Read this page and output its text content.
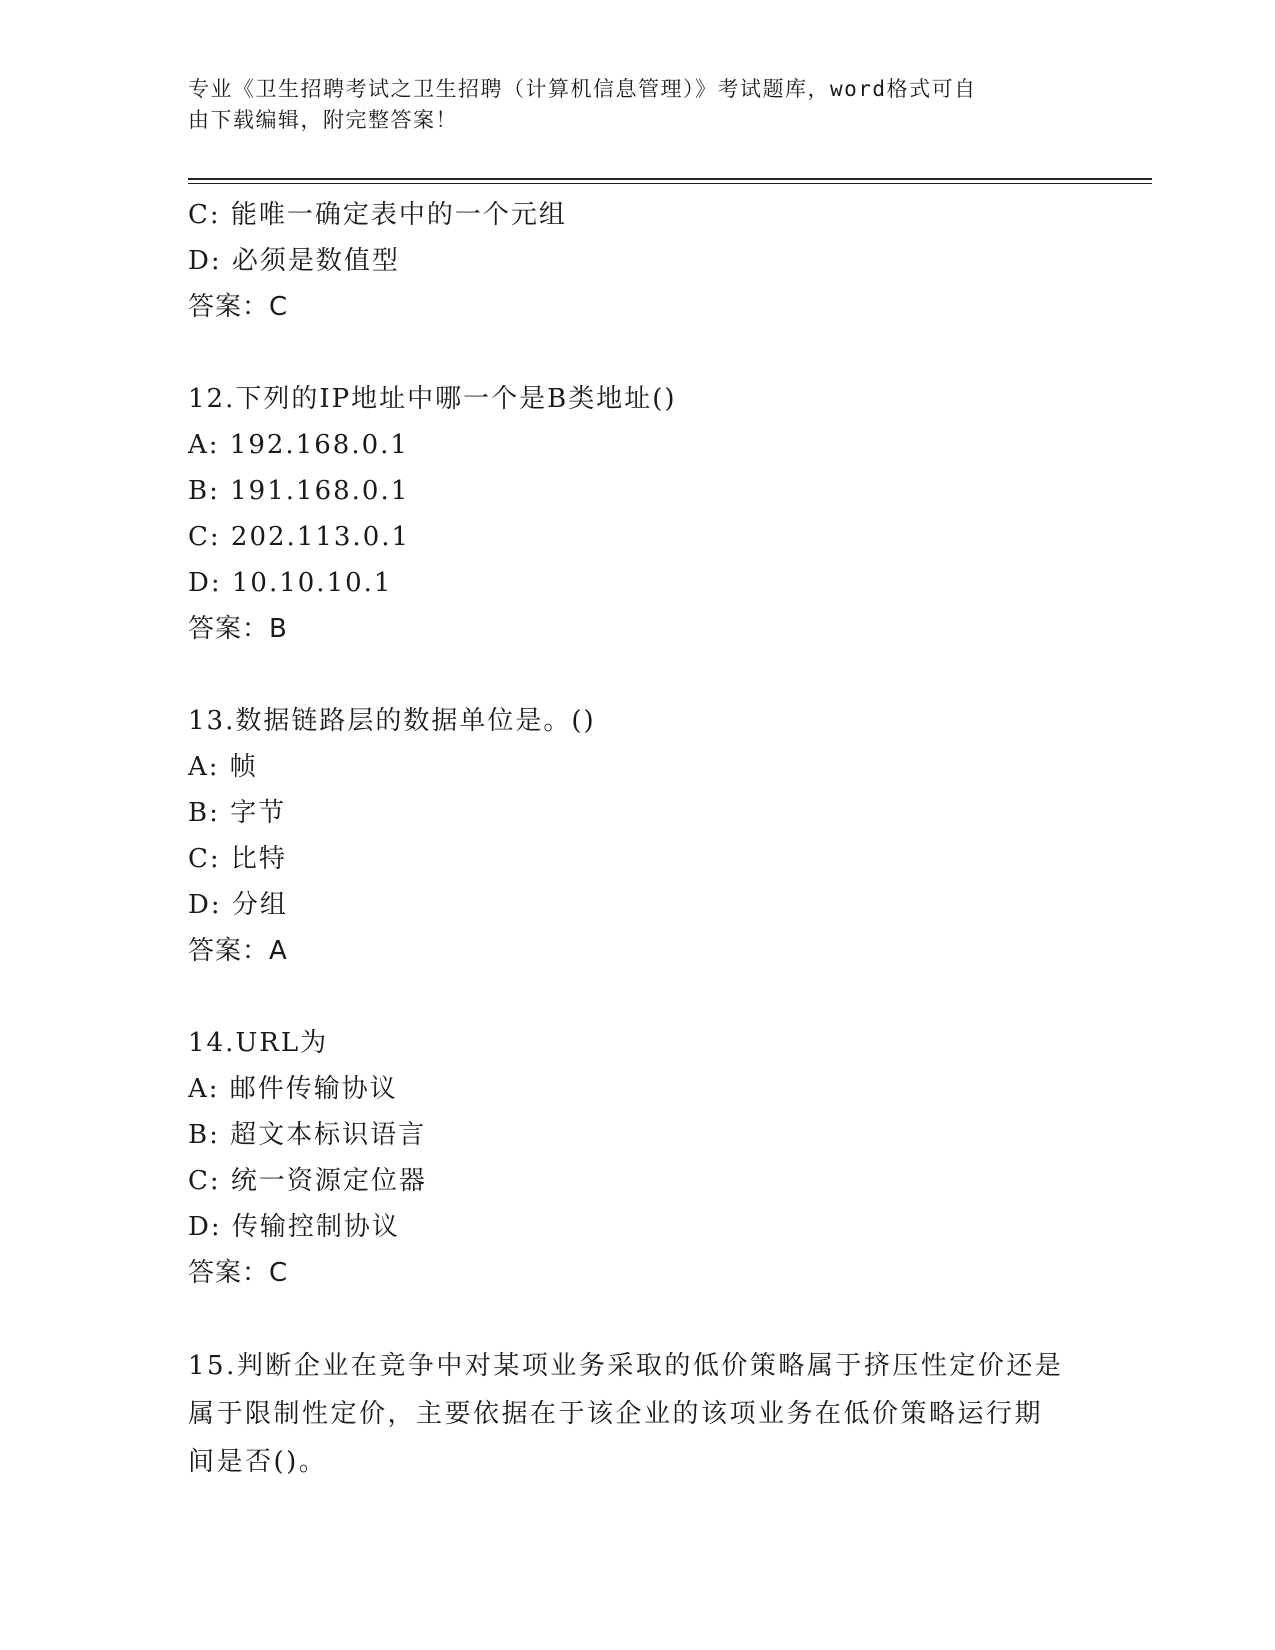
专业《卫生招聘考试之卫生招聘（计算机信息管理）》考试题库，word格式可自
由下载编辑，附完整答案！
C: 能唯一确定表中的一个元组
D: 必须是数值型
答案：C
12.下列的IP地址中哪一个是B类地址()
A: 192.168.0.1
B: 191.168.0.1
C: 202.113.0.1
D: 10.10.10.1
答案：B
13.数据链路层的数据单位是。()
A: 帧
B: 字节
C: 比特
D: 分组
答案：A
14.URL为
A: 邮件传输协议
B: 超文本标识语言
C: 统一资源定位器
D: 传输控制协议
答案：C
15.判断企业在竞争中对某项业务采取的低价策略属于挤压性定价还是
属于限制性定价，主要依据在于该企业的该项业务在低价策略运行期
间是否()。
